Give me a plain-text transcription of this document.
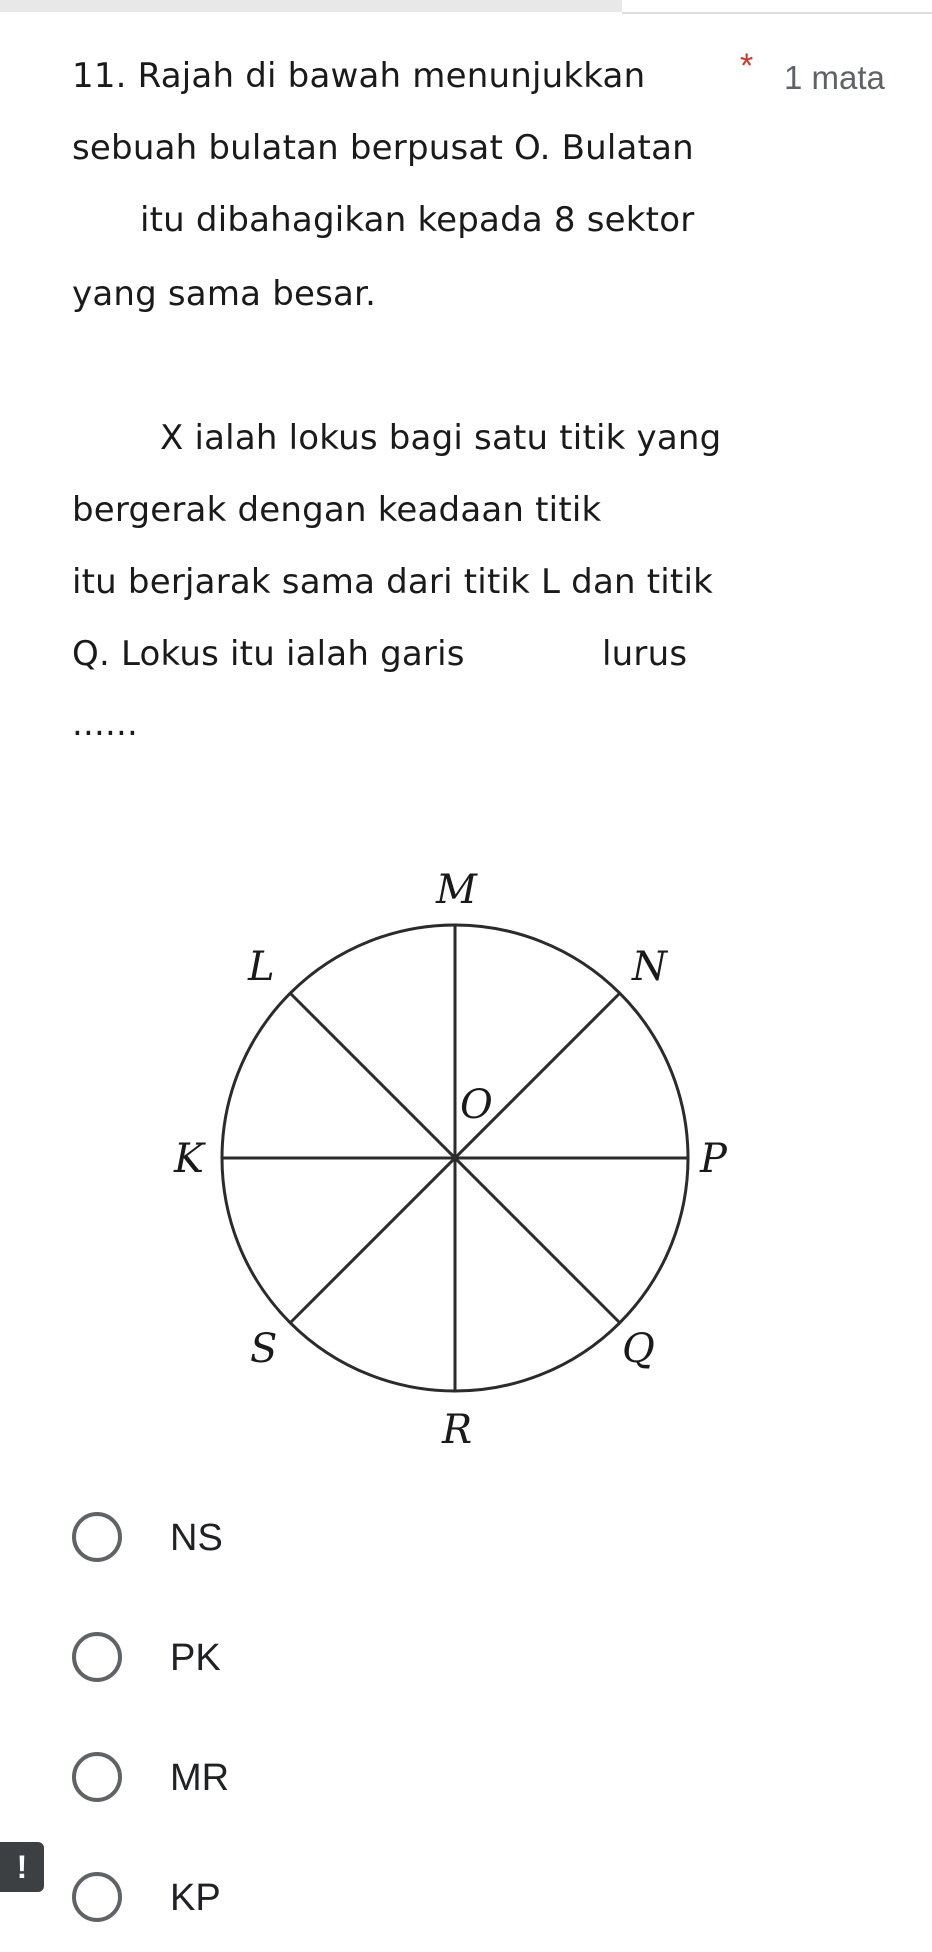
11. Rajah di bawah menunjukkan
sebuah bulatan berpusat O. Bulatan
itu dibahagikan kepada 8 sektor
yang sama besar.
X ialah lokus bagi satu titik yang
bergerak dengan keadaan titik
itu berjarak sama dari titik L dan titik
Q. Lokus itu ialah garis	lurus
......
* 1 mata
M
N
P
Q
R
S
K
L
O
NS
PK
MR
KP
!
